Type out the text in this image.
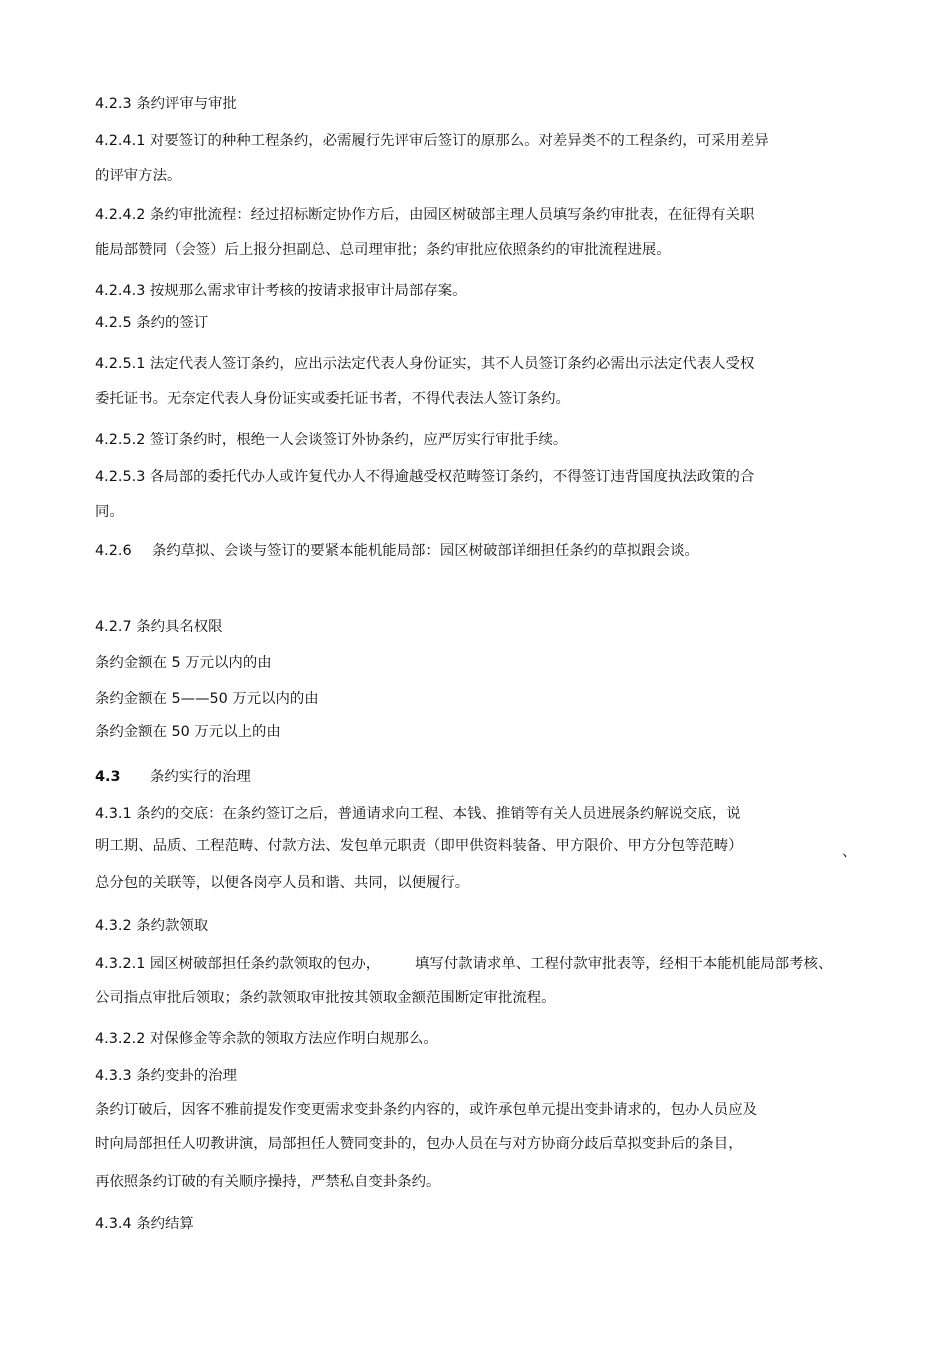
4.2.3 条约评审与审批
4.2.4.1 对要签订的种种工程条约，必需履行先评审后签订的原那么。对差异类不的工程条约，可采用差异
的评审方法。
4.2.4.2 条约审批流程：经过招标断定协作方后，由园区树破部主理人员填写条约审批表，在征得有关职
能局部赞同（会签）后上报分担副总、总司理审批；条约审批应依照条约的审批流程进展。
4.2.4.3 按规那么需求审计考核的按请求报审计局部存案。
4.2.5 条约的签订
4.2.5.1 法定代表人签订条约，应出示法定代表人身份证实，其不人员签订条约必需出示法定代表人受权
委托证书。无奈定代表人身份证实或委托证书者，不得代表法人签订条约。
4.2.5.2 签订条约时，根绝一人会谈签订外协条约，应严厉实行审批手续。
4.2.5.3 各局部的委托代办人或许复代办人不得逾越受权范畴签订条约，不得签订违背国度执法政策的合
同。
4.2.6 条约草拟、会谈与签订的要紧本能机能局部：园区树破部详细担任条约的草拟跟会谈。
4.2.7 条约具名权限
条约金额在 5 万元以内的由
条约金额在 5——50 万元以内的由
条约金额在 50 万元以上的由
4.3 条约实行的治理
4.3.1 条约的交底：在条约签订之后，普通请求向工程、本钱、推销等有关人员进展条约解说交底，说
明工期、品质、工程范畴、付款方法、发包单元职责（即甲供资料装备、甲方限价、甲方分包等范畴）	、
总分包的关联等，以便各岗亭人员和谐、共同，以便履行。
4.3.2 条约款领取
4.3.2.1 园区树破部担任条约款领取的包办， 填写付款请求单、工程付款审批表等，经相干本能机能局部考核、
公司指点审批后领取；条约款领取审批按其领取金额范围断定审批流程。
4.3.2.2 对保修金等余款的领取方法应作明白规那么。
4.3.3 条约变卦的治理
条约订破后，因客不雅前提发作变更需求变卦条约内容的，或许承包单元提出变卦请求的，包办人员应及
时向局部担任人叨教讲演，局部担任人赞同变卦的，包办人员在与对方协商分歧后草拟变卦后的条目，
再依照条约订破的有关顺序操持，严禁私自变卦条约。
4.3.4 条约结算
